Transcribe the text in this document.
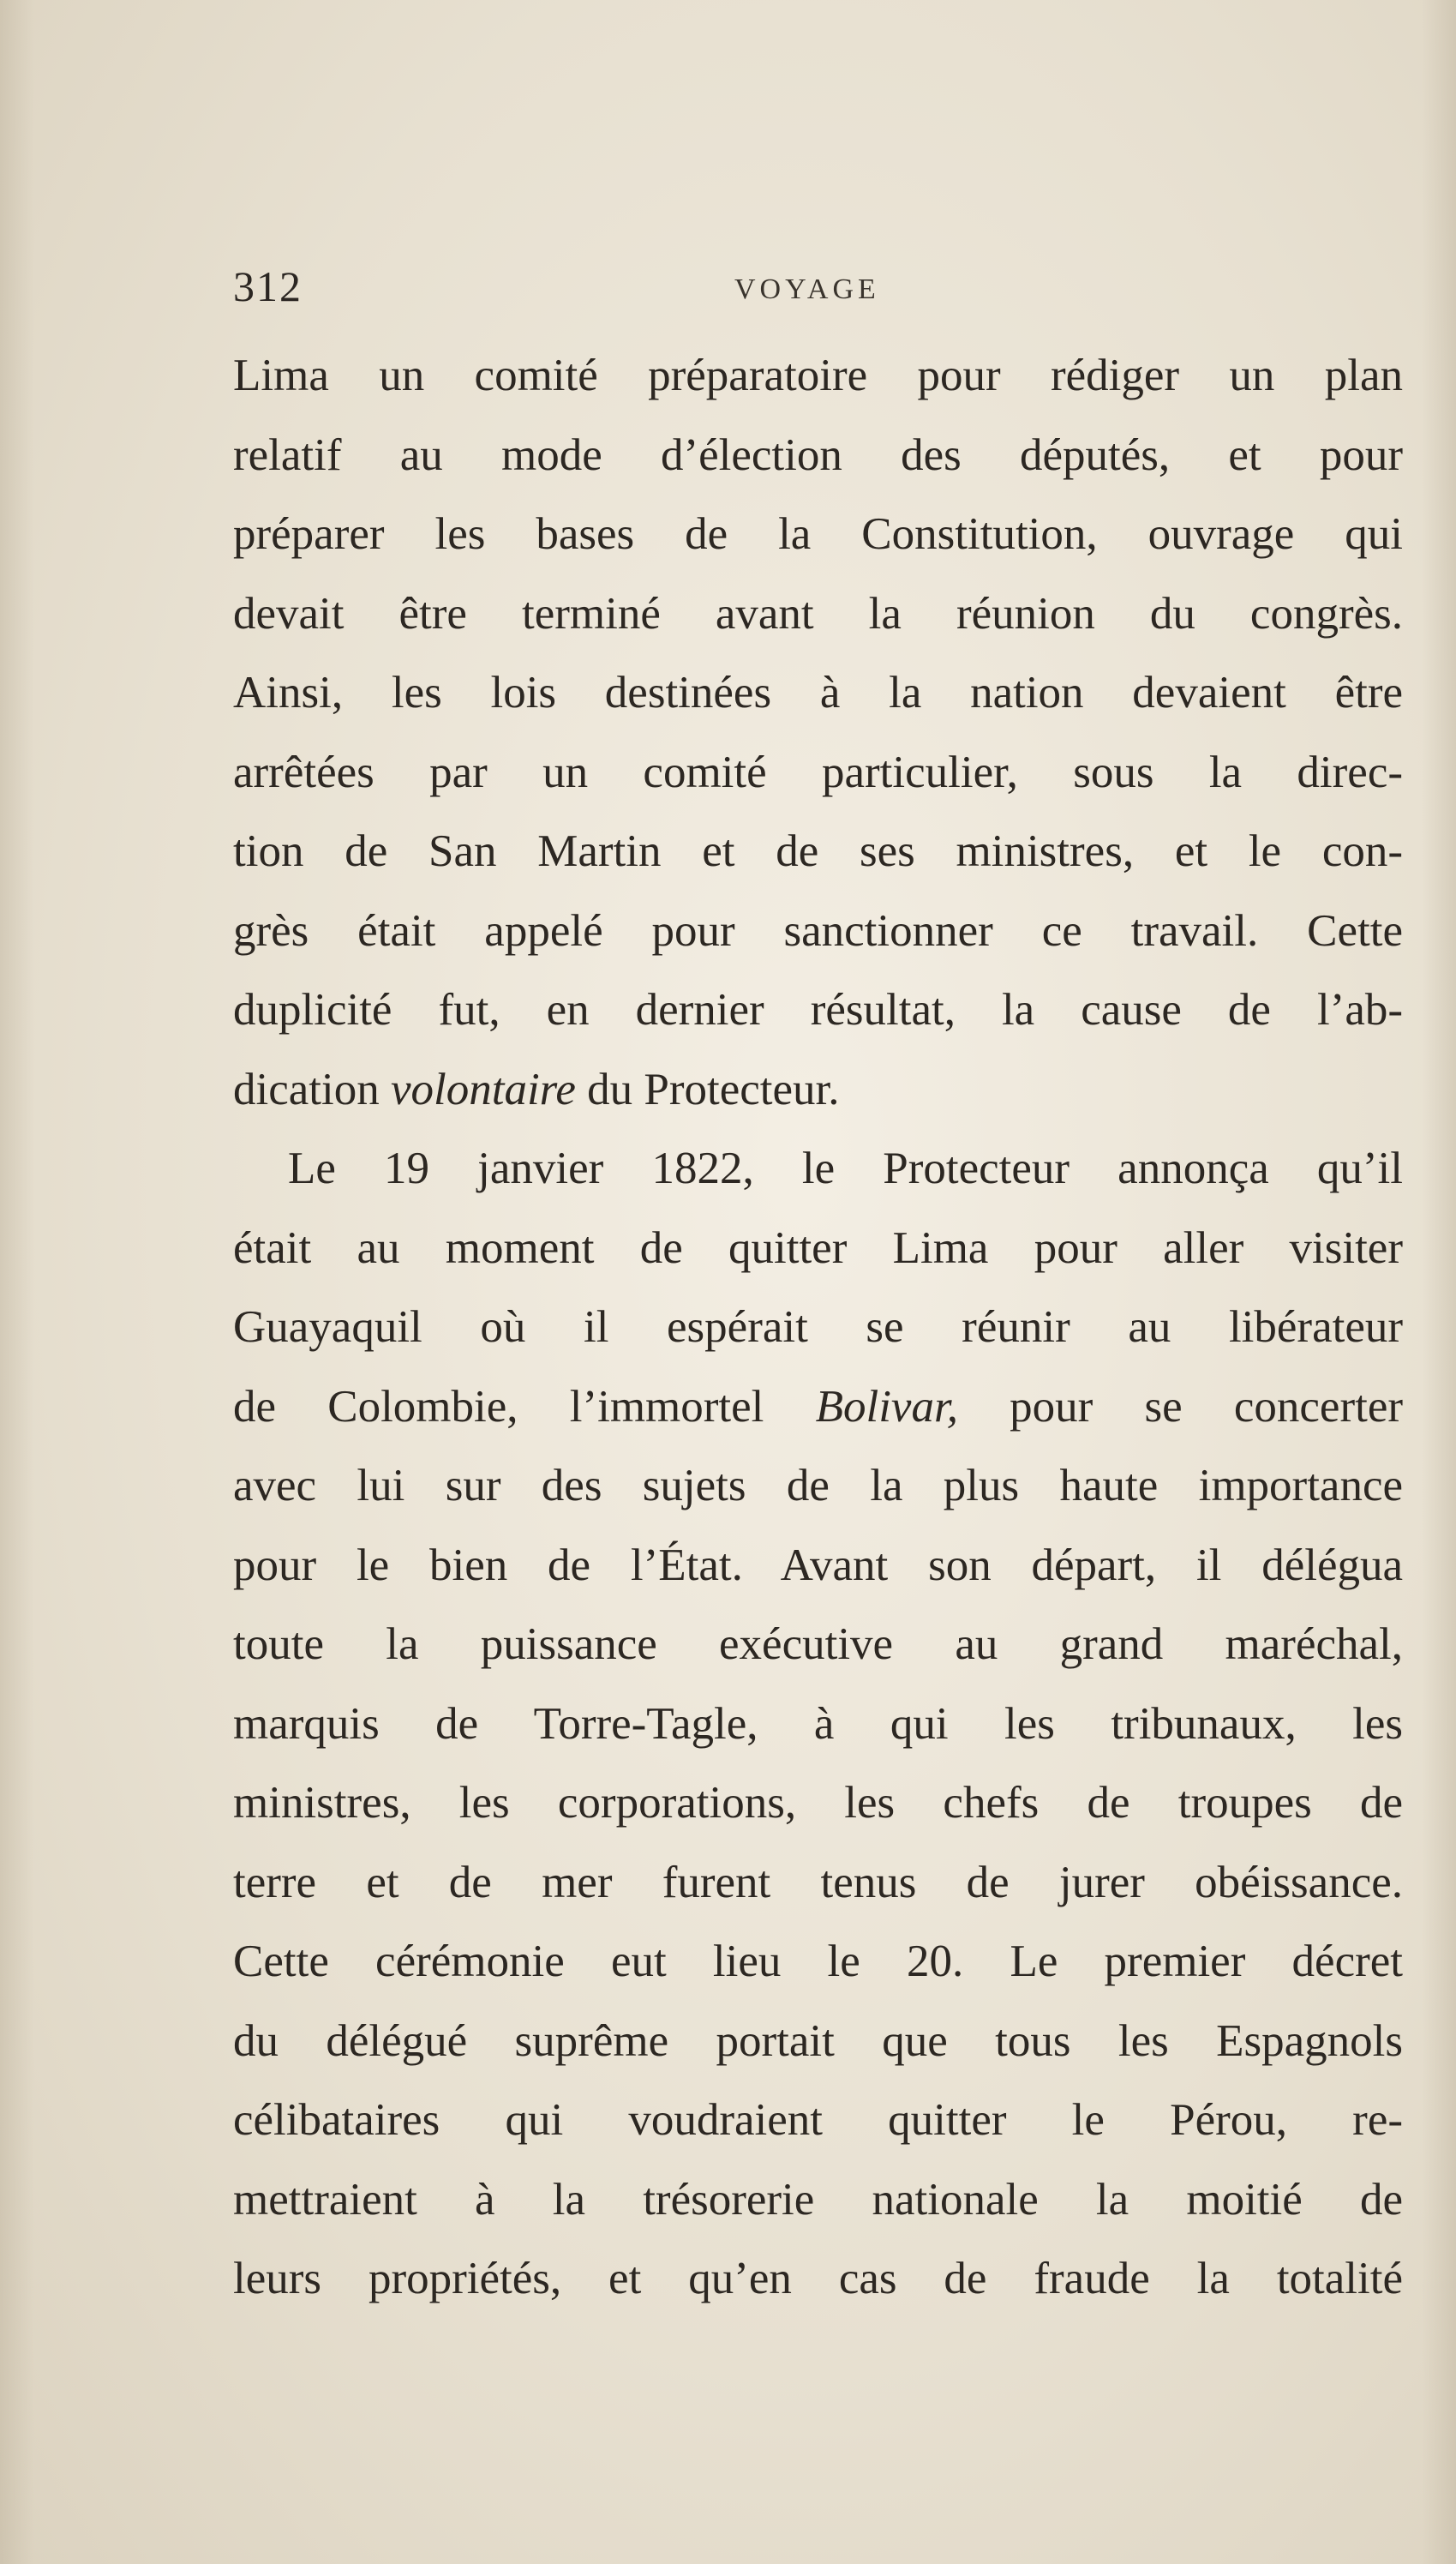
312	VOYAGE
Lima un comité préparatoire pour rédiger un plan
relatif au mode d’élection des députés, et pour
préparer les bases de la Constitution, ouvrage qui
devait être terminé avant la réunion du congrès.
Ainsi, les lois destinées à la nation devaient être
arrêtées par un comité particulier, sous la direc-
tion de San Martin et de ses ministres, et le con-
grès était appelé pour sanctionner ce travail. Cette
duplicité fut, en dernier résultat, la cause de l’ab-
dication volontaire du Protecteur.
Le 19 janvier 1822, le Protecteur annonça qu’il
était au moment de quitter Lima pour aller visiter
Guayaquil où il espérait se réunir au libérateur
de Colombie, l’immortel Bolivar, pour se concerter
avec lui sur des sujets de la plus haute importance
pour le bien de l’État. Avant son départ, il délégua
toute la puissance exécutive au grand maréchal,
marquis de Torre-Tagle, à qui les tribunaux, les
ministres, les corporations, les chefs de troupes de
terre et de mer furent tenus de jurer obéissance.
Cette cérémonie eut lieu le 20. Le premier décret
du délégué suprême portait que tous les Espagnols
célibataires qui voudraient quitter le Pérou, re-
mettraient à la trésorerie nationale la moitié de
leurs propriétés, et qu’en cas de fraude la totalité
